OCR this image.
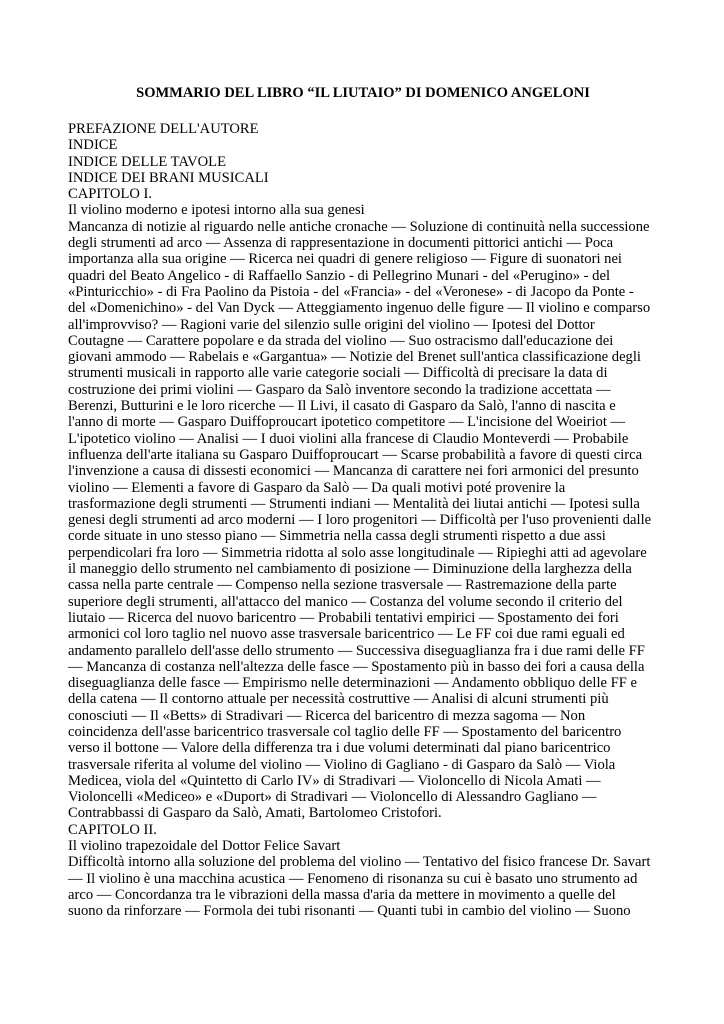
SOMMARIO DEL LIBRO “IL LIUTAIO” DI DOMENICO ANGELONI
PREFAZIONE DELL'AUTORE
INDICE
INDICE DELLE TAVOLE
INDICE DEI BRANI MUSICALI
CAPITOLO I.
Il violino moderno e ipotesi intorno alla sua genesi
Mancanza di notizie al riguardo nelle antiche cronache — Soluzione di continuità nella successione
degli strumenti ad arco — Assenza di rappresentazione in documenti pittorici antichi — Poca
importanza alla sua origine — Ricerca nei quadri di genere religioso — Figure di suonatori nei
quadri del Beato Angelico - di Raffaello Sanzio - di Pellegrino Munari - del «Perugino» - del
«Pinturicchio» - di Fra Paolino da Pistoia - del «Francia» - del «Veronese» - di Jacopo da Ponte -
del «Domenichino» - del Van Dyck — Atteggiamento ingenuo delle figure — Il violino e comparso
all'improvviso? — Ragioni varie del silenzio sulle origini del violino — Ipotesi del Dottor
Coutagne — Carattere popolare e da strada del violino — Suo ostracismo dall'educazione dei
giovani ammodo — Rabelais e «Gargantua» — Notizie del Brenet sull'antica classificazione degli
strumenti musicali in rapporto alle varie categorie sociali — Difficoltà di precisare la data di
costruzione dei primi violini — Gasparo da Salò inventore secondo la tradizione accettata —
Berenzi, Butturini e le loro ricerche — Il Livi, il casato di Gasparo da Salò, l'anno di nascita e
l'anno di morte — Gasparo Duiffoproucart ipotetico competitore — L'incisione del Woeiriot —
L'ipotetico violino — Analisi — I duoi violini alla francese di Claudio Monteverdi — Probabile
influenza dell'arte italiana su Gasparo Duiffoproucart — Scarse probabilità a favore di questi circa
l'invenzione a causa di dissesti economici — Mancanza di carattere nei fori armonici del presunto
violino — Elementi a favore di Gasparo da Salò — Da quali motivi poté provenire la
trasformazione degli strumenti — Strumenti indiani — Mentalità dei liutai antichi — Ipotesi sulla
genesi degli strumenti ad arco moderni — I loro progenitori — Difficoltà per l'uso provenienti dalle
corde situate in uno stesso piano — Simmetria nella cassa degli strumenti rispetto a due assi
perpendicolari fra loro — Simmetria ridotta al solo asse longitudinale — Ripieghi atti ad agevolare
il maneggio dello strumento nel cambiamento di posizione — Diminuzione della larghezza della
cassa nella parte centrale — Compenso nella sezione trasversale — Rastremazione della parte
superiore degli strumenti, all'attacco del manico — Costanza del volume secondo il criterio del
liutaio — Ricerca del nuovo baricentro — Probabili tentativi empirici — Spostamento dei fori
armonici col loro taglio nel nuovo asse trasversale baricentrico — Le FF coi due rami eguali ed
andamento parallelo dell'asse dello strumento — Successiva diseguaglianza fra i due rami delle FF
— Mancanza di costanza nell'altezza delle fasce — Spostamento più in basso dei fori a causa della
diseguaglianza delle fasce — Empirismo nelle determinazioni — Andamento obbliquo delle FF e
della catena — Il contorno attuale per necessità costruttive — Analisi di alcuni strumenti più
conosciuti — Il «Betts» di Stradivari — Ricerca del baricentro di mezza sagoma — Non
coincidenza dell'asse baricentrico trasversale col taglio delle FF — Spostamento del baricentro
verso il bottone — Valore della differenza tra i due volumi determinati dal piano baricentrico
trasversale riferita al volume del violino — Violino di Gagliano - di Gasparo da Salò — Viola
Medicea, viola del «Quintetto di Carlo IV» di Stradivari — Violoncello di Nicola Amati —
Violoncelli «Mediceo» e «Duport» di Stradivari — Violoncello di Alessandro Gagliano —
Contrabbassi di Gasparo da Salò, Amati, Bartolomeo Cristofori.
CAPITOLO II.
Il violino trapezoidale del Dottor Felice Savart
Difficoltà intorno alla soluzione del problema del violino — Tentativo del fisico francese Dr. Savart
— Il violino è una macchina acustica — Fenomeno di risonanza su cui è basato uno strumento ad
arco — Concordanza tra le vibrazioni della massa d'aria da mettere in movimento a quelle del
suono da rinforzare — Formola dei tubi risonanti — Quanti tubi in cambio del violino — Suono
